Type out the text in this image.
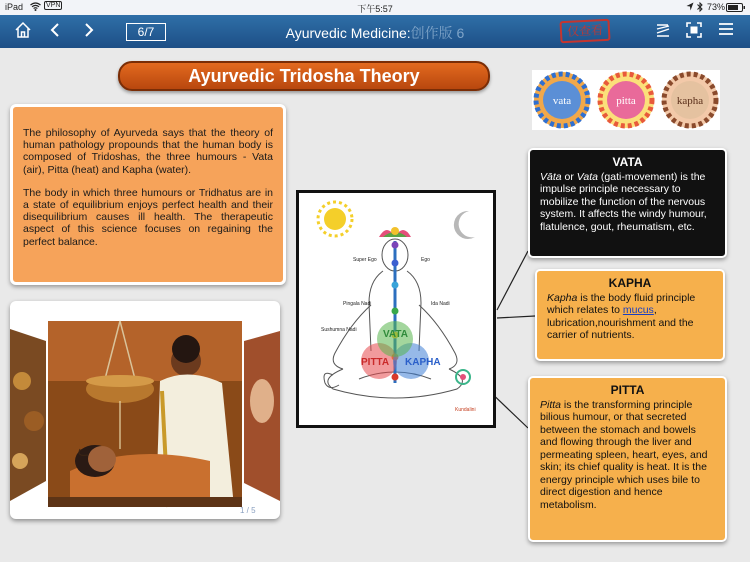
iPad	VPN	下午5:57	73%
6/7	Ayurvedic Medicine:创作版 6	仅查看
Ayurvedic Tridosha Theory

The philosophy of Ayurveda says that the theory of human pathology propounds that the human body is composed of Tridoshas, the three humours - Vata (air), Pitta (heat) and Kapha (water).

The body in which three humours or Tridhatus are in a state of equilibrium enjoys perfect health and their disequilibrium causes ill health. The therapeutic aspect of this science focuses on regaining the perfect balance.

1 / 5
Super Ego	Ego
Pingala Nadi	Ida Nadi
Sushumna Nadi	VATA
PITTA KAPHA
Kundalini
vata	pitta	kapha
VATA
Vāta or Vata (gati-movement) is the impulse principle necessary to mobilize the function of the nervous system. It affects the windy humour, flatulence, gout, rheumatism, etc.
KAPHA
Kapha is the body fluid principle which relates to mucus, lubrication,nourishment and the carrier of nutrients.
PITTA
Pitta is the transforming principle bilious humour, or that secreted between the stomach and bowels and flowing through the liver and permeating spleen, heart, eyes, and skin; its chief quality is heat. It is the energy principle which uses bile to direct digestion and hence metabolism.
